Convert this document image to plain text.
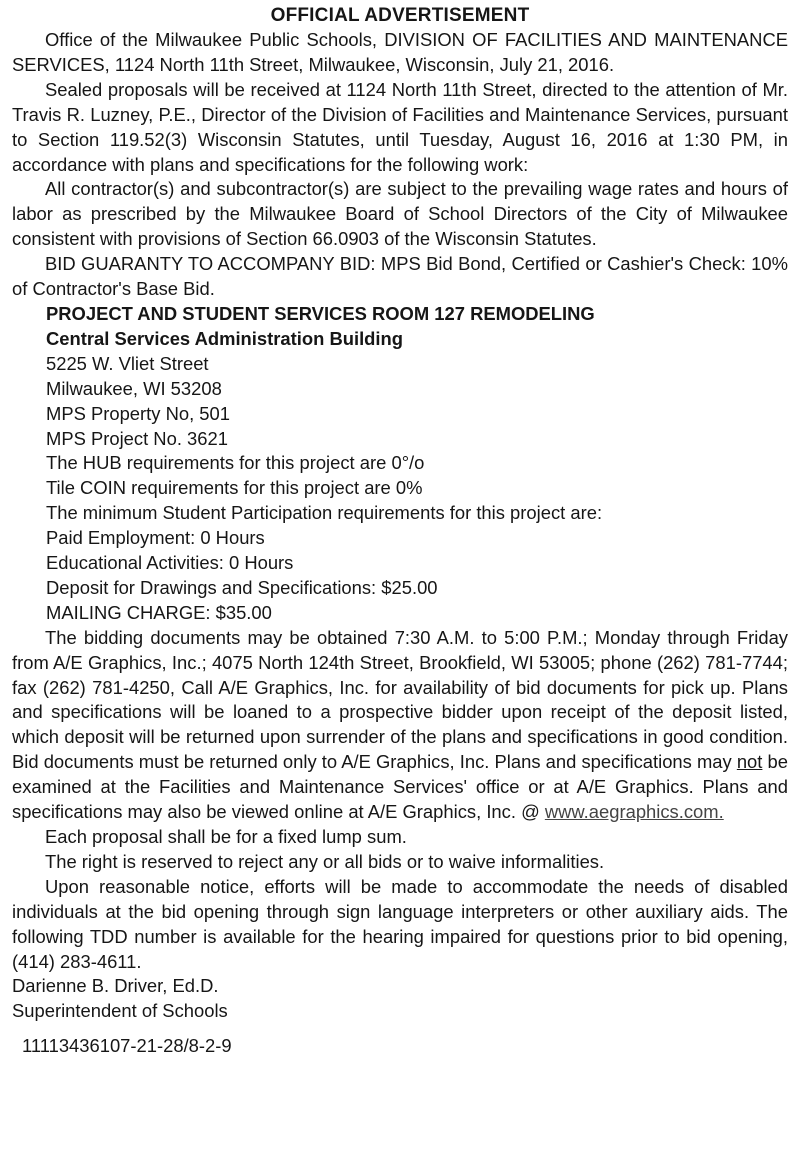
OFFICIAL ADVERTISEMENT

Office of the Milwaukee Public Schools, DIVISION OF FACILITIES AND MAINTENANCE SERVICES, 1124 North 11th Street, Milwaukee, Wisconsin, July 21, 2016.

Sealed proposals will be received at 1124 North 11th Street, directed to the attention of Mr. Travis R. Luzney, P.E., Director of the Division of Facilities and Maintenance Services, pursuant to Section 119.52(3) Wisconsin Statutes, until Tuesday, August 16, 2016 at 1:30 PM, in accordance with plans and specifications for the following work:

All contractor(s) and subcontractor(s) are subject to the prevailing wage rates and hours of labor as prescribed by the Milwaukee Board of School Directors of the City of Milwaukee consistent with provisions of Section 66.0903 of the Wisconsin Statutes.

BID GUARANTY TO ACCOMPANY BID: MPS Bid Bond, Certified or Cashier's Check: 10% of Contractor's Base Bid.

PROJECT AND STUDENT SERVICES ROOM 127 REMODELING

Central Services Administration Building

5225 W. Vliet Street

Milwaukee, WI 53208

MPS Property No, 501

MPS Project No. 3621

The HUB requirements for this project are 0°/o

Tile COIN requirements for this project are 0%

The minimum Student Participation requirements for this project are:

Paid Employment: 0 Hours

Educational Activities: 0 Hours

Deposit for Drawings and Specifications: $25.00

MAILING CHARGE: $35.00

The bidding documents may be obtained 7:30 A.M. to 5:00 P.M.; Monday through Friday from A/E Graphics, Inc.; 4075 North 124th Street, Brookfield, WI 53005; phone (262) 781-7744; fax (262) 781-4250, Call A/E Graphics, Inc. for availability of bid documents for pick up. Plans and specifications will be loaned to a prospective bidder upon receipt of the deposit listed, which deposit will be returned upon surrender of the plans and specifications in good condition. Bid documents must be returned only to A/E Graphics, Inc. Plans and specifications may not be examined at the Facilities and Maintenance Services' office or at A/E Graphics. Plans and specifications may also be viewed online at A/E Graphics, Inc. @ www.aegraphics.com.

Each proposal shall be for a fixed lump sum.

The right is reserved to reject any or all bids or to waive informalities.

Upon reasonable notice, efforts will be made to accommodate the needs of disabled individuals at the bid opening through sign language interpreters or other auxiliary aids. The following TDD number is available for the hearing impaired for questions prior to bid opening, (414) 283-4611.

Darienne B. Driver, Ed.D.

Superintendent of Schools

11113436107-21-28/8-2-9
